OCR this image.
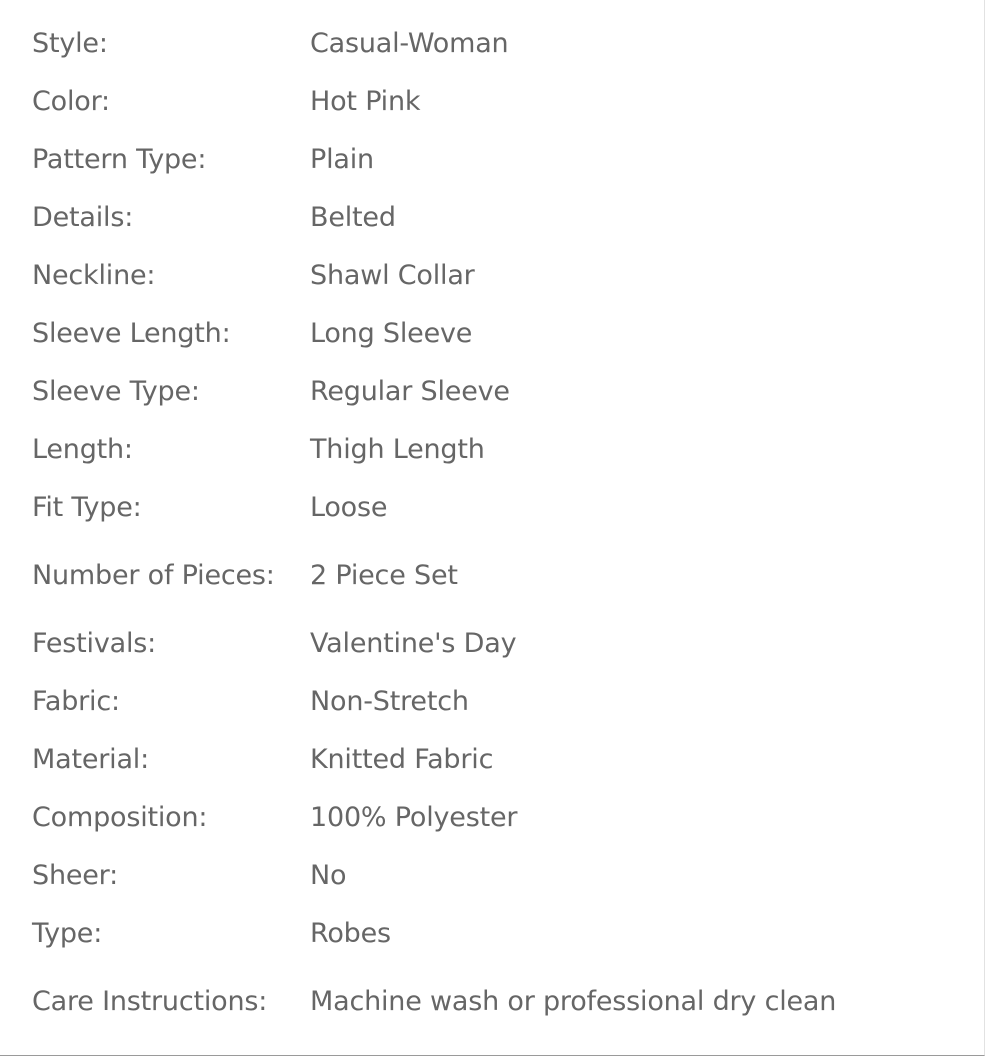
Style:	Casual-Woman
Color:	Hot Pink
Pattern Type:	Plain
Details:	Belted
Neckline:	Shawl Collar
Sleeve Length:	Long Sleeve
Sleeve Type:	Regular Sleeve
Length:	Thigh Length
Fit Type:	Loose
Number of Pieces:	2 Piece Set
Festivals:	Valentine's Day
Fabric:	Non-Stretch
Material:	Knitted Fabric
Composition:	100% Polyester
Sheer:	No
Type:	Robes
Care Instructions:	Machine wash or professional dry clean
